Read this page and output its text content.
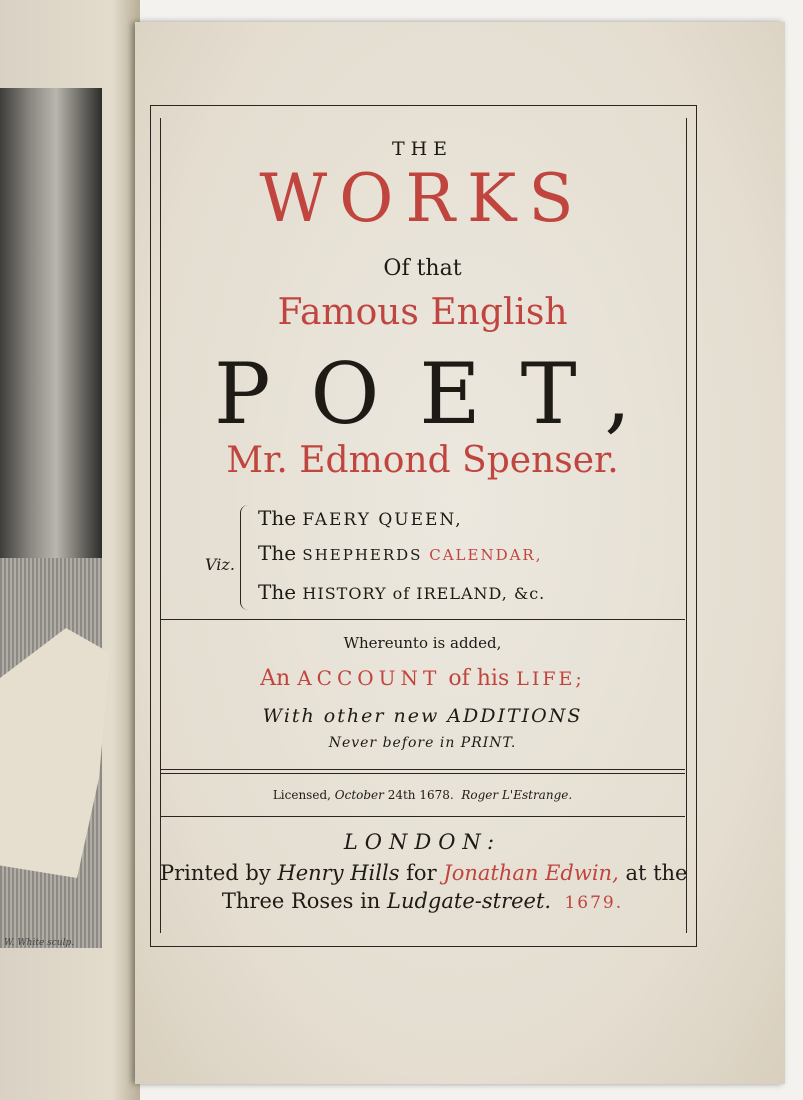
W. White sculp.
THE
WORKS
Of that
Famous English
POET,
Mr. Edmond Spenser.
Viz.
The FAERY QUEEN,
The SHEPHERDS CALENDAR,
The HISTORY of IRELAND, &c.
Whereunto is added,
An ACCOUNT of his LIFE;
With other new ADDITIONS
Never before in PRINT.
Licensed, October 24th 1678. Roger L'Estrange.
LONDON:
Printed by Henry Hills for Jonathan Edwin, at the
Three Roses in Ludgate-street. 1679.
